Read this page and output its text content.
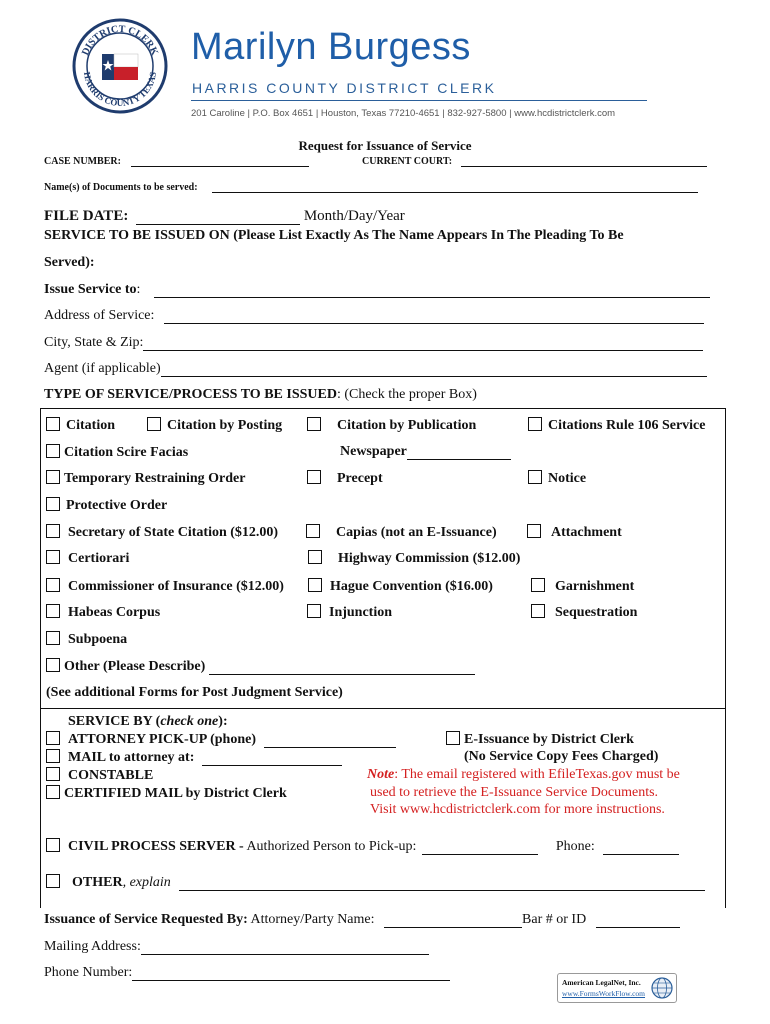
DISTRICT CLERK
HARRIS COUNTY TEXAS
Marilyn Burgess
HARRIS COUNTY DISTRICT CLERK
201 Caroline | P.O. Box 4651 | Houston, Texas 77210-4651 | 832-927-5800 | www.hcdistrictclerk.com
Request for Issuance of Service
CASE NUMBER:	CURRENT COURT:
Name(s) of Documents to be served:
FILE DATE:	Month/Day/Year
SERVICE TO BE ISSUED ON (Please List Exactly As The Name Appears In The Pleading To Be
Served):
Issue Service to:
Address of Service:
City, State & Zip:
Agent (if applicable)
TYPE OF SERVICE/PROCESS TO BE ISSUED: (Check the proper Box)
Citation	Citation by Posting	Citation by Publication	Citations Rule 106 Service
Citation Scire Facias	Newspaper
Temporary Restraining Order	Precept	Notice
Protective Order
Secretary of State Citation ($12.00)	Capias (not an E-Issuance)	Attachment
Certiorari	Highway Commission ($12.00)
Commissioner of Insurance ($12.00)	Hague Convention ($16.00)	Garnishment
Habeas Corpus	Injunction	Sequestration
Subpoena
Other (Please Describe)
(See additional Forms for Post Judgment Service)
SERVICE BY (check one):
ATTORNEY PICK-UP (phone)
MAIL to attorney at:
CONSTABLE
CERTIFIED MAIL by District Clerk
E-Issuance by District Clerk
(No Service Copy Fees Charged)
Note: The email registered with EfileTexas.gov must be
used to retrieve the E-Issuance Service Documents.
Visit www.hcdistrictclerk.com for more instructions.
CIVIL PROCESS SERVER - Authorized Person to Pick-up:	Phone:
OTHER, explain
Issuance of Service Requested By: Attorney/Party Name:	Bar # or ID
Mailing Address:
Phone Number:
American LegalNet, Inc.
www.FormsWorkFlow.com
